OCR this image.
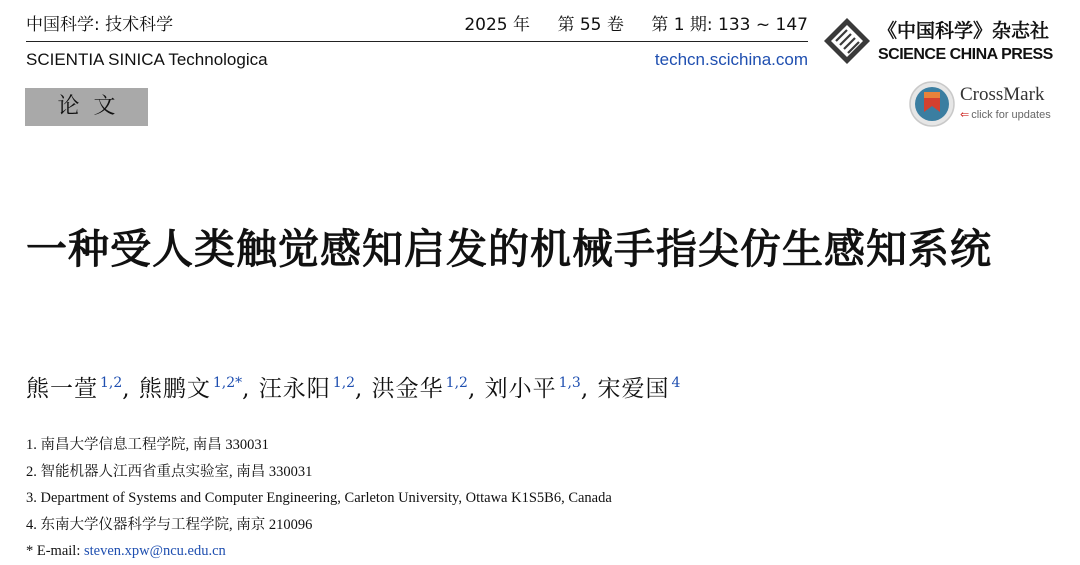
中国科学: 技术科学	2025 年 第 55 卷 第 1 期: 133 ~ 147
SCIENTIA SINICA Technologica	techcn.scichina.com
论文
《中国科学》杂志社
SCIENCE CHINA PRESS
CrossMark
⇐ click for updates
一种受人类触觉感知启发的机械手指尖仿生感知系统
熊一萱 $^{1,2}$, 熊鹏文 $^{1,2*}$, 汪永阳 $^{1,2}$, 洪金华 $^{1,2}$, 刘小平 $^{1,3}$, 宋爱国 $^4$
1. 南昌大学信息工程学院, 南昌 330031
2. 智能机器人江西省重点实验室, 南昌 330031
3. Department of Systems and Computer Engineering, Carleton University, Ottawa K1S5B6, Canada
4. 东南大学仪器科学与工程学院, 南京 210096
* E-mail: steven.xpw@ncu.edu.cn
